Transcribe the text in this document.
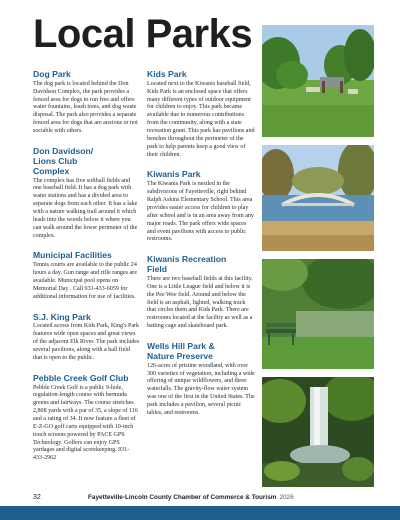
Local Parks
Dog Park

The dog park is located behind the Don Davidson Complex, the park provides a fenced area for dogs to run free and offers water fountains, leash trees, and dog waste disposal. The park also provides a separate fenced area for dogs that are anxious or not sociable with others.

Don Davidson/ Lions Club Complex

The complex has five softball fields and one baseball field. It has a dog park with water stations and has a divided area to separate dogs from each other. It has a lake with a nature walking trail around it which leads into the woods below it where you can walk around the lower perimeter of the complex.

Municipal Facilities

Tennis courts are available to the public 24 hours a day. Gun range and rifle ranges are available. Municipal pool opens on Memorial Day . Call 931-433-6059 for additional information for use of facilities.

S.J. King Park

Located across from Kids Park, King's Park features wide open spaces and great views of the adjacent Elk River. The park includes several pavilions, along with a ball field that is open to the public.

Pebble Creek Golf Club

Pebble Creek Golf is a public 9-hole, regulation-length course with bermuda greens and fairways. The course stretches 2,808 yards with a par of 35, a slope of 116 and a rating of 34. It now feature a fleet of E-Z-GO golf carts equipped with 10-inch touch screens powered by PACE GPS Technology. Golfers can enjoy GPS yardages and digital scorekeeping. 931-433-2962

Kids Park

Located next to the Kiwanis baseball field, Kids Park is an enclosed space that offers many different types of outdoor equipment for children to enjoy. This park became available due to numerous contributions from the community, along with a state recreation grant. This park has pavilions and benches throughout the perimeter of the park to help parents keep a good view of their children.

Kiwanis Park

The Kiwanis Park is nestled in the subdivisions of Fayetteville, right behind Ralph Askins Elementary School. This area provides easier access for children to play after school and is in an area away from any major roads. The park offers wide spaces and event pavilions with access to public restrooms.

Kiwanis Recreation Field

There are two baseball fields at this facility. One is a Little League field and below it is the Pee Wee field. Around and below the field is an asphalt, lighted, walking track that circles them and Kids Park. There are restrooms located at the facility as well as a batting cage and skateboard park.

Wells Hill Park & Nature Preserve

126-acres of pristine woodland, with over 300 varieties of vegetation, including a wide offering of unique wildflowers, and three waterfalls. The gravity-flow water system was one of the first in the United States. The park includes a pavilion, several picnic tables, and restrooms.

32	Fayetteville-Lincoln County Chamber of Commerce & Tourism 2026
